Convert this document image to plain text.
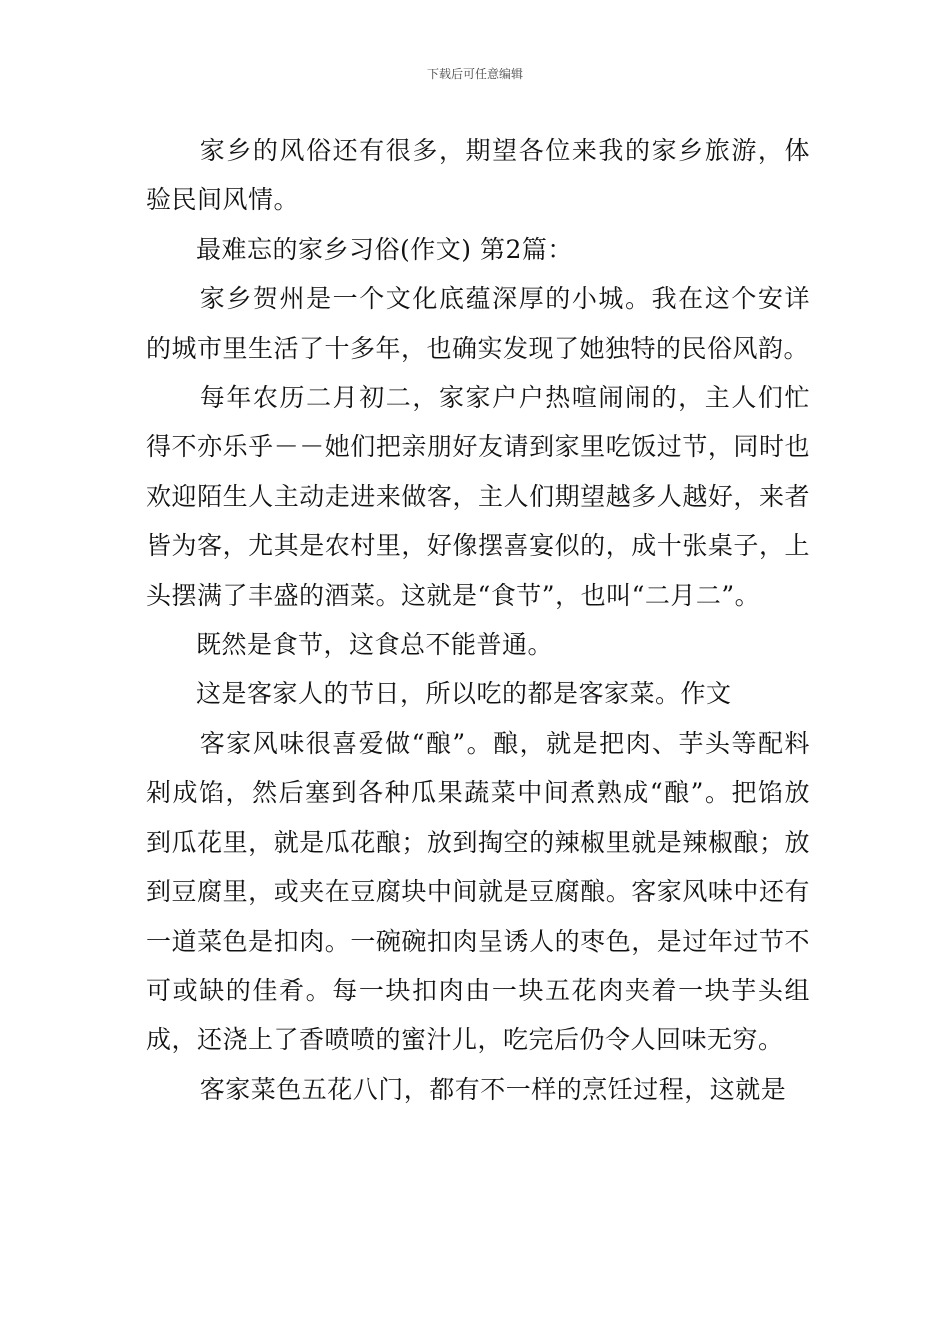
下载后可任意编辑

家乡的风俗还有很多，期望各位来我的家乡旅游，体验民间风情。

最难忘的家乡习俗(作文) 第2篇：

家乡贺州是一个文化底蕴深厚的小城。我在这个安详的城市里生活了十多年，也确实发现了她独特的民俗风韵。

每年农历二月初二，家家户户热喧闹闹的，主人们忙得不亦乐乎－－她们把亲朋好友请到家里吃饭过节，同时也欢迎陌生人主动走进来做客，主人们期望越多人越好，来者皆为客，尤其是农村里，好像摆喜宴似的，成十张桌子，上头摆满了丰盛的酒菜。这就是“食节”，也叫“二月二”。

既然是食节，这食总不能普通。

这是客家人的节日，所以吃的都是客家菜。作文

客家风味很喜爱做“酿”。酿，就是把肉、芋头等配料剁成馅，然后塞到各种瓜果蔬菜中间煮熟成“酿”。把馅放到瓜花里，就是瓜花酿；放到掏空的辣椒里就是辣椒酿；放到豆腐里，或夹在豆腐块中间就是豆腐酿。客家风味中还有一道菜色是扣肉。一碗碗扣肉呈诱人的枣色，是过年过节不可或缺的佳肴。每一块扣肉由一块五花肉夹着一块芋头组成，还浇上了香喷喷的蜜汁儿，吃完后仍令人回味无穷。

客家菜色五花八门，都有不一样的烹饪过程，这就是
